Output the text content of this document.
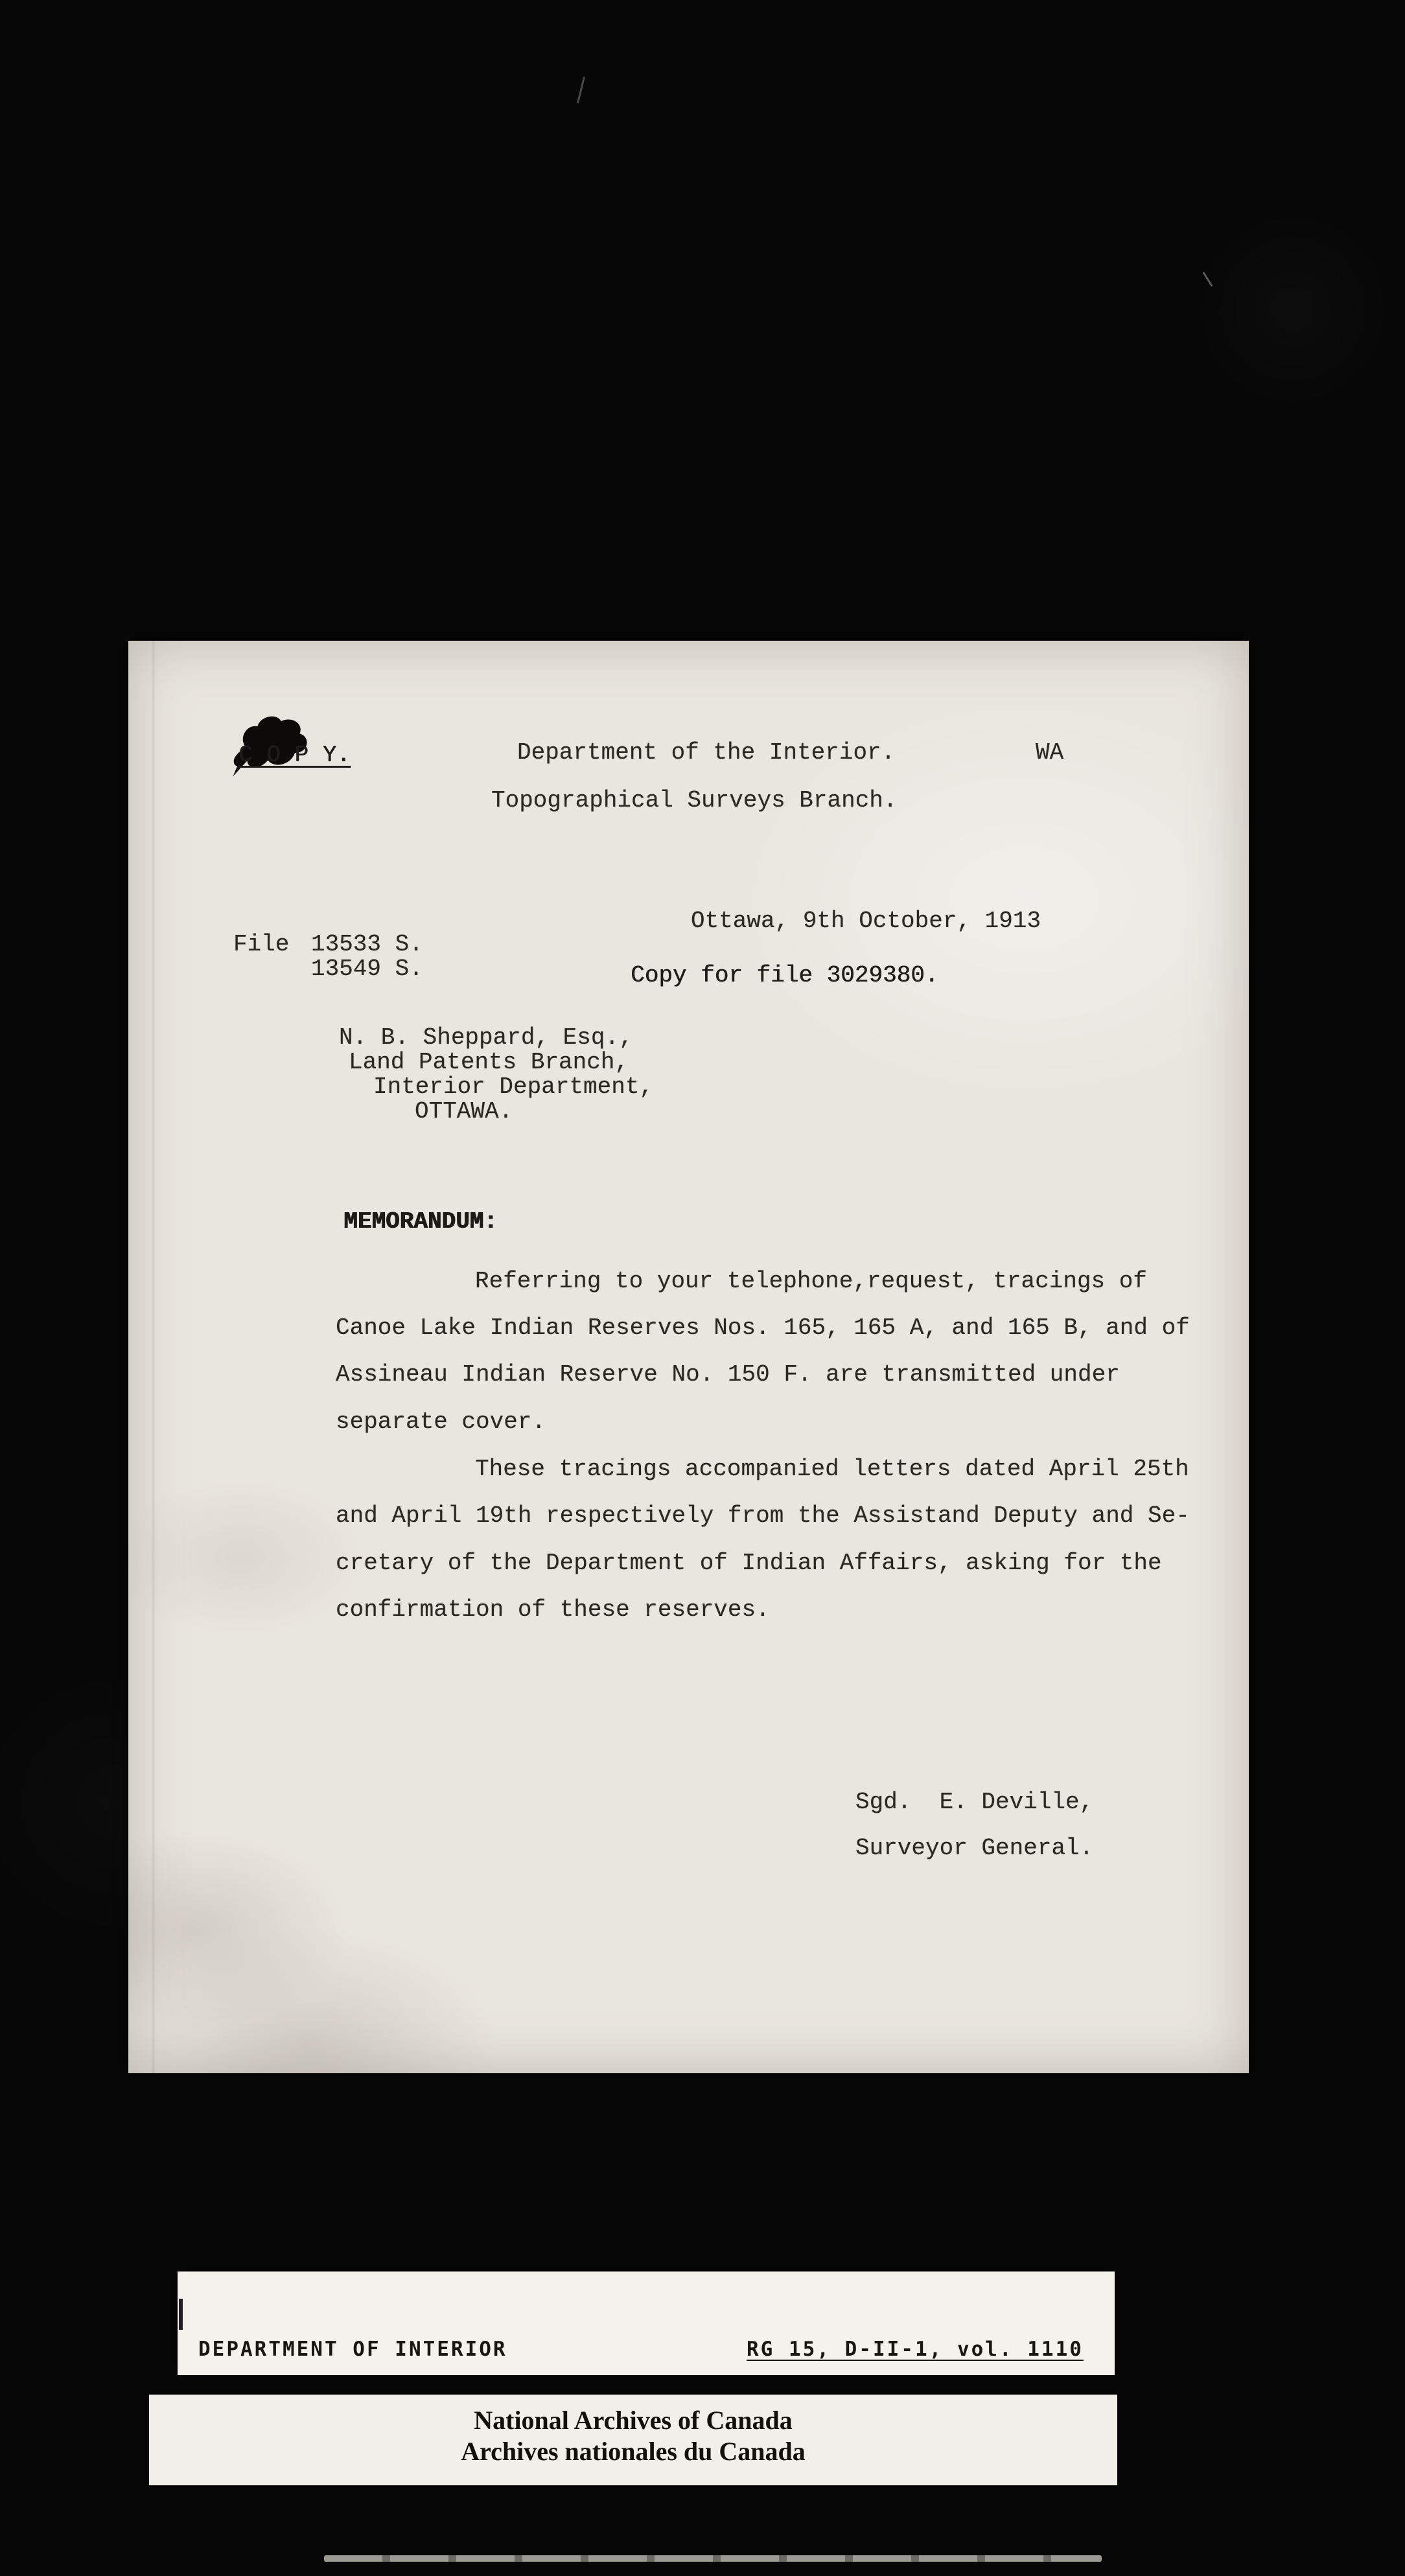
C O P Y.	Department of the Interior.	WA
Topographical Surveys Branch.
Ottawa, 9th October, 1913
File 13533 S.
13549 S.	Copy for file 3029380.
N. B. Sheppard, Esq.,
Land Patents Branch,
Interior Department,
OTTAWA.
MEMORANDUM:
Referring to your telephone,request, tracings of
Canoe Lake Indian Reserves Nos. 165, 165 A, and 165 B, and of
Assineau Indian Reserve No. 150 F. are transmitted under
separate cover.
These tracings accompanied letters dated April 25th
and April 19th respectively from the Assistand Deputy and Se-
cretary of the Department of Indian Affairs, asking for the
confirmation of these reserves.
Sgd.  E. Deville,
Surveyor General.

DEPARTMENT OF INTERIOR

	RG 15, D-II-1, vol. 1110

National Archives of Canada
Archives nationales du Canada
